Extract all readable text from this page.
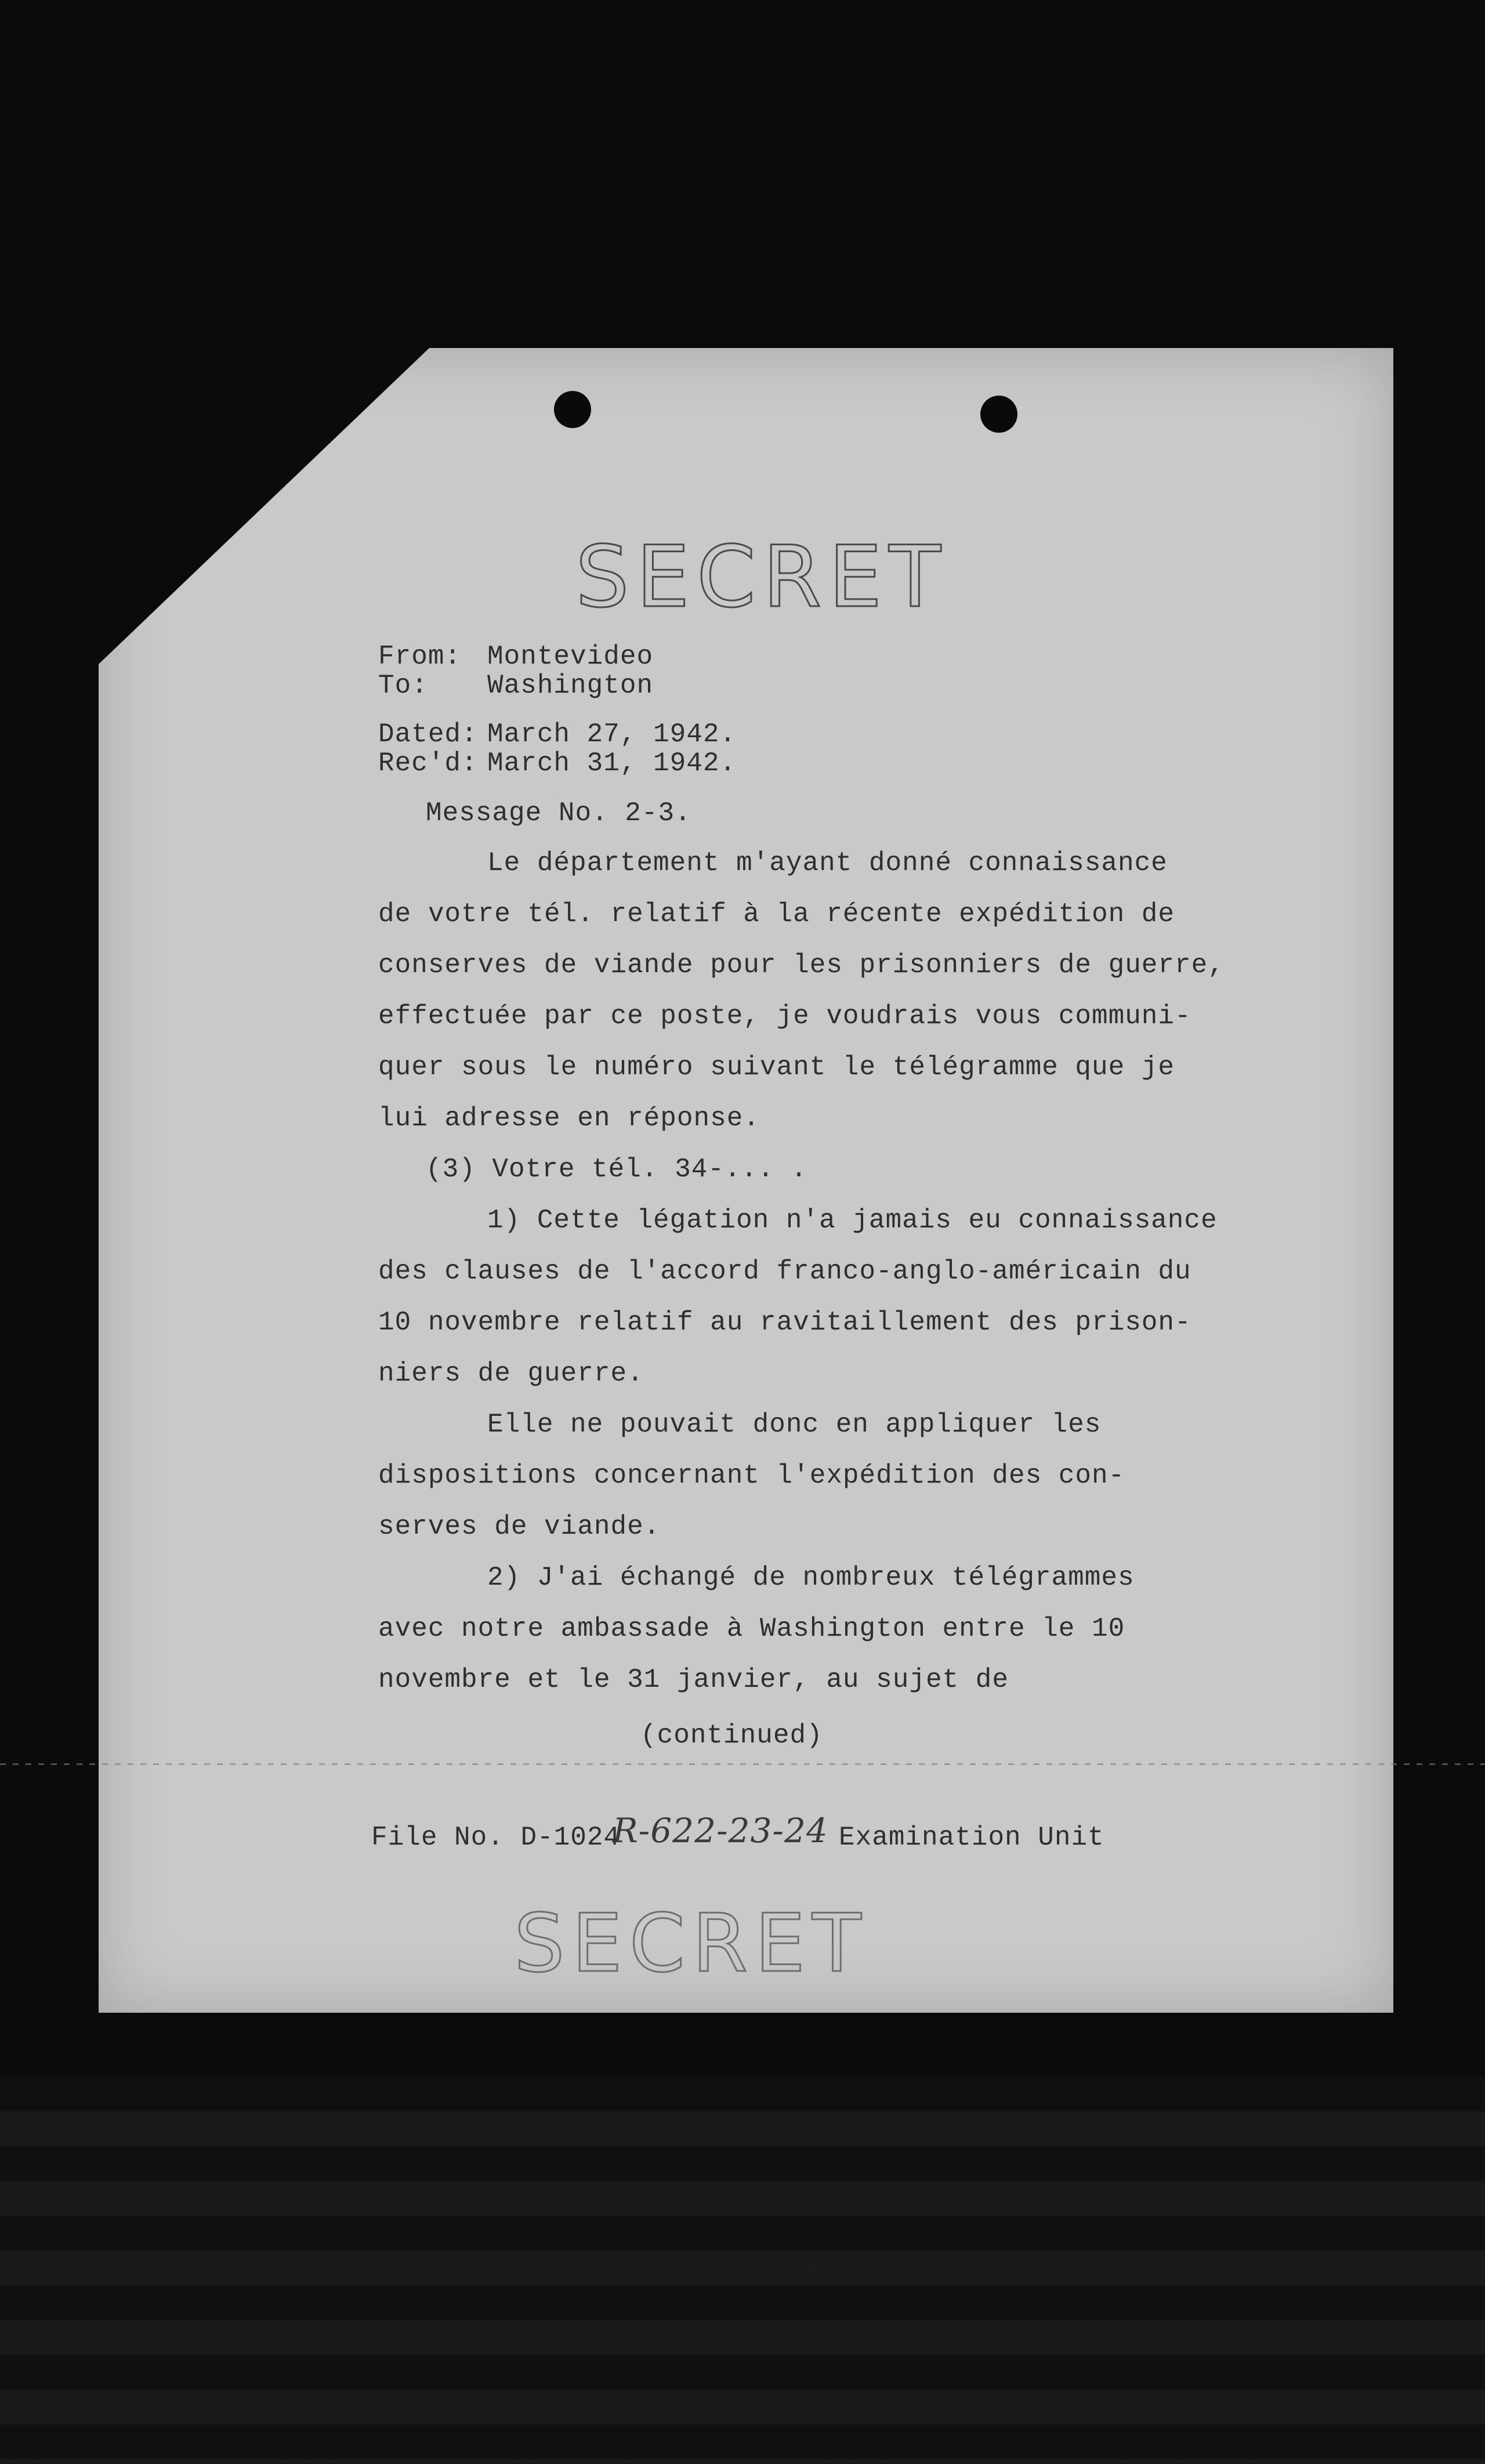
SECRET
From: Montevideo
To: Washington
Dated: March 27, 1942.
Rec'd: March 31, 1942.
Message No. 2-3.
Le département m'ayant donné connaissance
de votre tél. relatif à la récente expédition de
conserves de viande pour les prisonniers de guerre,
effectuée par ce poste, je voudrais vous communi-
quer sous le numéro suivant le télégramme que je
lui adresse en réponse.
(3) Votre tél. 34-... .
1) Cette légation n'a jamais eu connaissance
des clauses de l'accord franco-anglo-américain du
10 novembre relatif au ravitaillement des prison-
niers de guerre.
Elle ne pouvait donc en appliquer les
dispositions concernant l'expédition des con-
serves de viande.
2) J'ai échangé de nombreux télégrammes
avec notre ambassade à Washington entre le 10
novembre et le 31 janvier, au sujet de
(continued)
File No. D-1024
R-622-23-24 Examination Unit
SECRET
